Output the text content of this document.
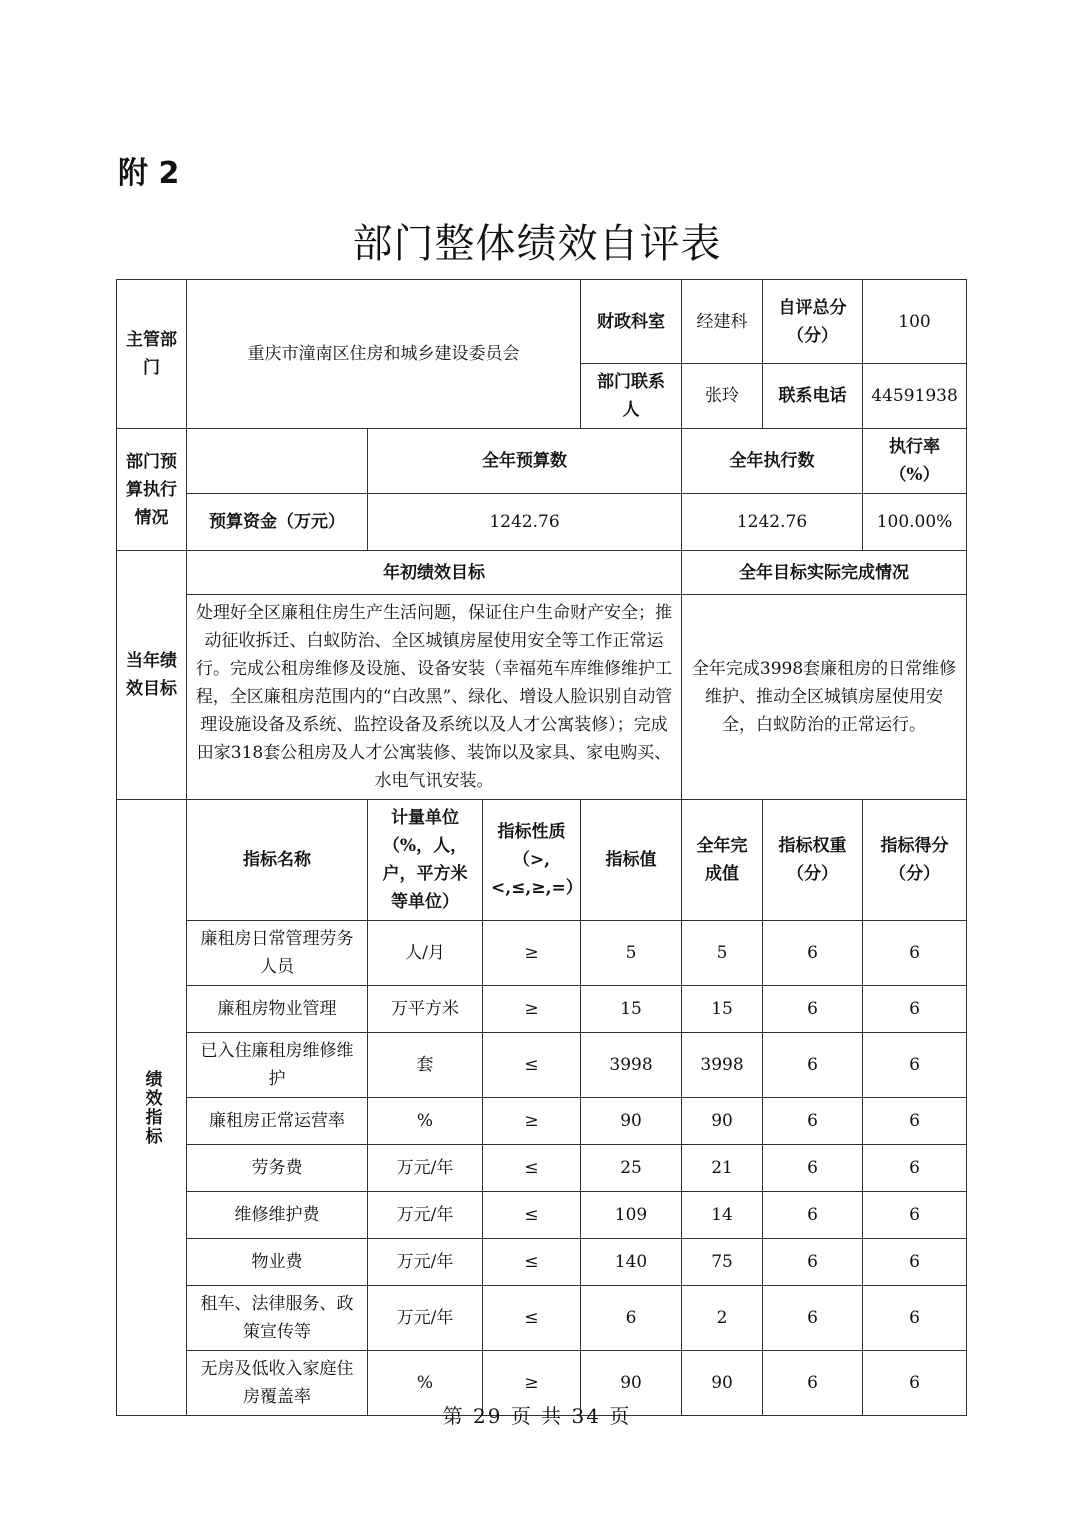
附 2
部门整体绩效自评表
主管部门	重庆市潼南区住房和城乡建设委员会			财政科室	经建科	自评总分（分）	100
				部门联系人	张玲	联系电话	44591938
部门预算执行情况		全年预算数			全年执行数		执行率（%）
	预算资金（万元）	1242.76			1242.76		100.00%
当年绩效目标	年初绩效目标				全年目标实际完成情况		
	处理好全区廉租住房生产生活问题，保证住户生命财产安全；推动征收拆迁、白蚁防治、全区城镇房屋使用安全等工作正常运行。完成公租房维修及设施、设备安装（幸福苑车库维修维护工程，全区廉租房范围内的“白改黑”、绿化、增设人脸识别自动管理设施设备及系统、监控设备及系统以及人才公寓装修）；完成田家318套公租房及人才公寓装修、装饰以及家具、家电购买、水电气讯安装。				全年完成3998套廉租房的日常维修维护、推动全区城镇房屋使用安全，白蚁防治的正常运行。		
绩效指标	指标名称	计量单位（%，人，户，平方米等单位）	指标性质（>,<,≤,≥,=）	指标值	全年完成值	指标权重（分）	指标得分（分）
	廉租房日常管理劳务人员	人/月	≥	5	5	6	6
	廉租房物业管理	万平方米	≥	15	15	6	6
	已入住廉租房维修维护	套	≤	3998	3998	6	6
	廉租房正常运营率	%	≥	90	90	6	6
	劳务费	万元/年	≤	25	21	6	6
	维修维护费	万元/年	≤	109	14	6	6
	物业费	万元/年	≤	140	75	6	6
	租车、法律服务、政策宣传等	万元/年	≤	6	2	6	6
	无房及低收入家庭住房覆盖率	%	≥	90	90	6	6
第 29 页 共 34 页
